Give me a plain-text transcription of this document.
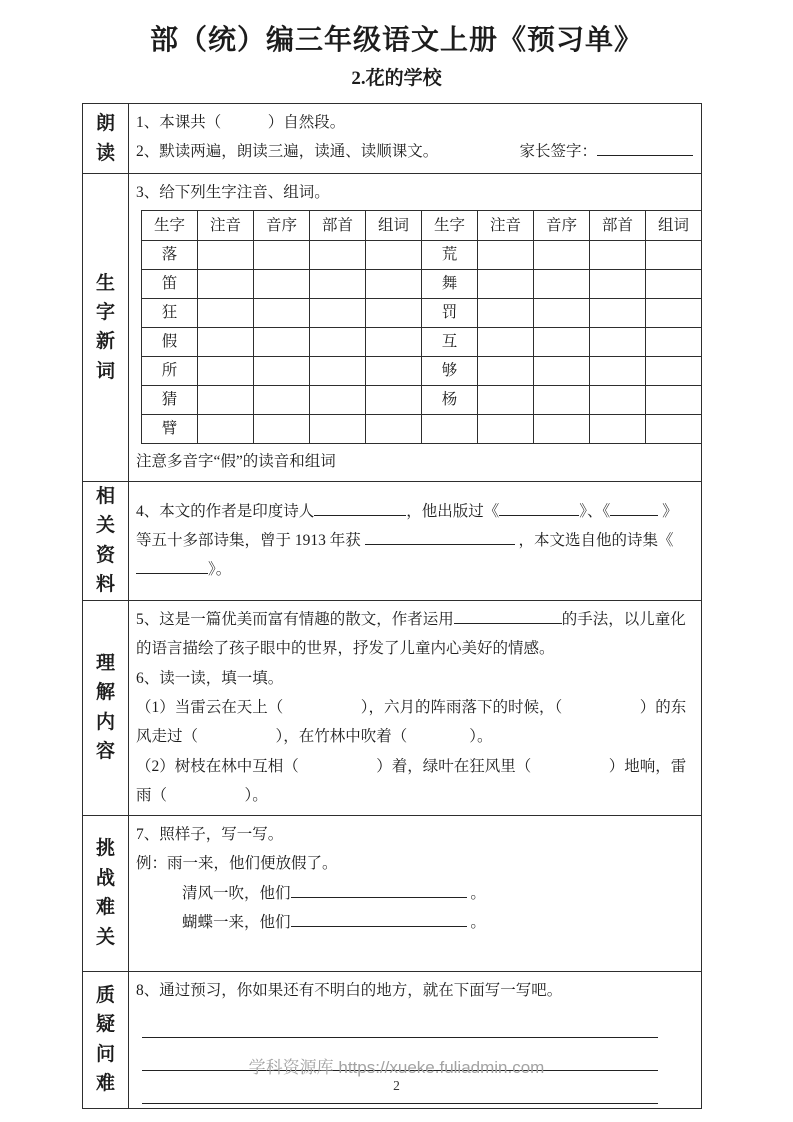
部（统）编三年级语文上册《预习单》
2.花的学校
朗读

1、本课共（　　　）自然段。
2、默读两遍，朗读三遍，读通、读顺课文。	家长签字：

生字新词

3、给下列生字注音、组词。
生字	注音	音序	部首	组词	生字	注音	音序	部首	组词
落					荒				
笛					舞				
狂					罚				
假					互				
所					够				
猜					杨				
臂									
注意多音字“假”的读音和组词

相关资料

4、本文的作者是印度诗人	，他出版过《	》、《	》等五十多部诗集，曾于 1913 年获	，本文选自他的诗集《》。

理解内容

5、这是一篇优美而富有情趣的散文，作者运用	的手法，以儿童化的语言描绘了孩子眼中的世界，抒发了儿童内心美好的情感。
6、读一读，填一填。
（1）当雷云在天上（　　　　　），六月的阵雨落下的时候，（　　　　　）的东风走过（　　　　　），在竹林中吹着（　　　　）。
（2）树枝在林中互相（　　　　　）着，绿叶在狂风里（　　　　　）地响，雷雨（　　　　　）。

挑战难关

7、照样子，写一写。
例：雨一来，他们便放假了。
清风一吹，他们	。
蝴蝶一来，他们	。

质疑问难

8、通过预习，你如果还有不明白的地方，就在下面写一写吧。
学科资源库 https://xueke.fuliadmin.com
2
